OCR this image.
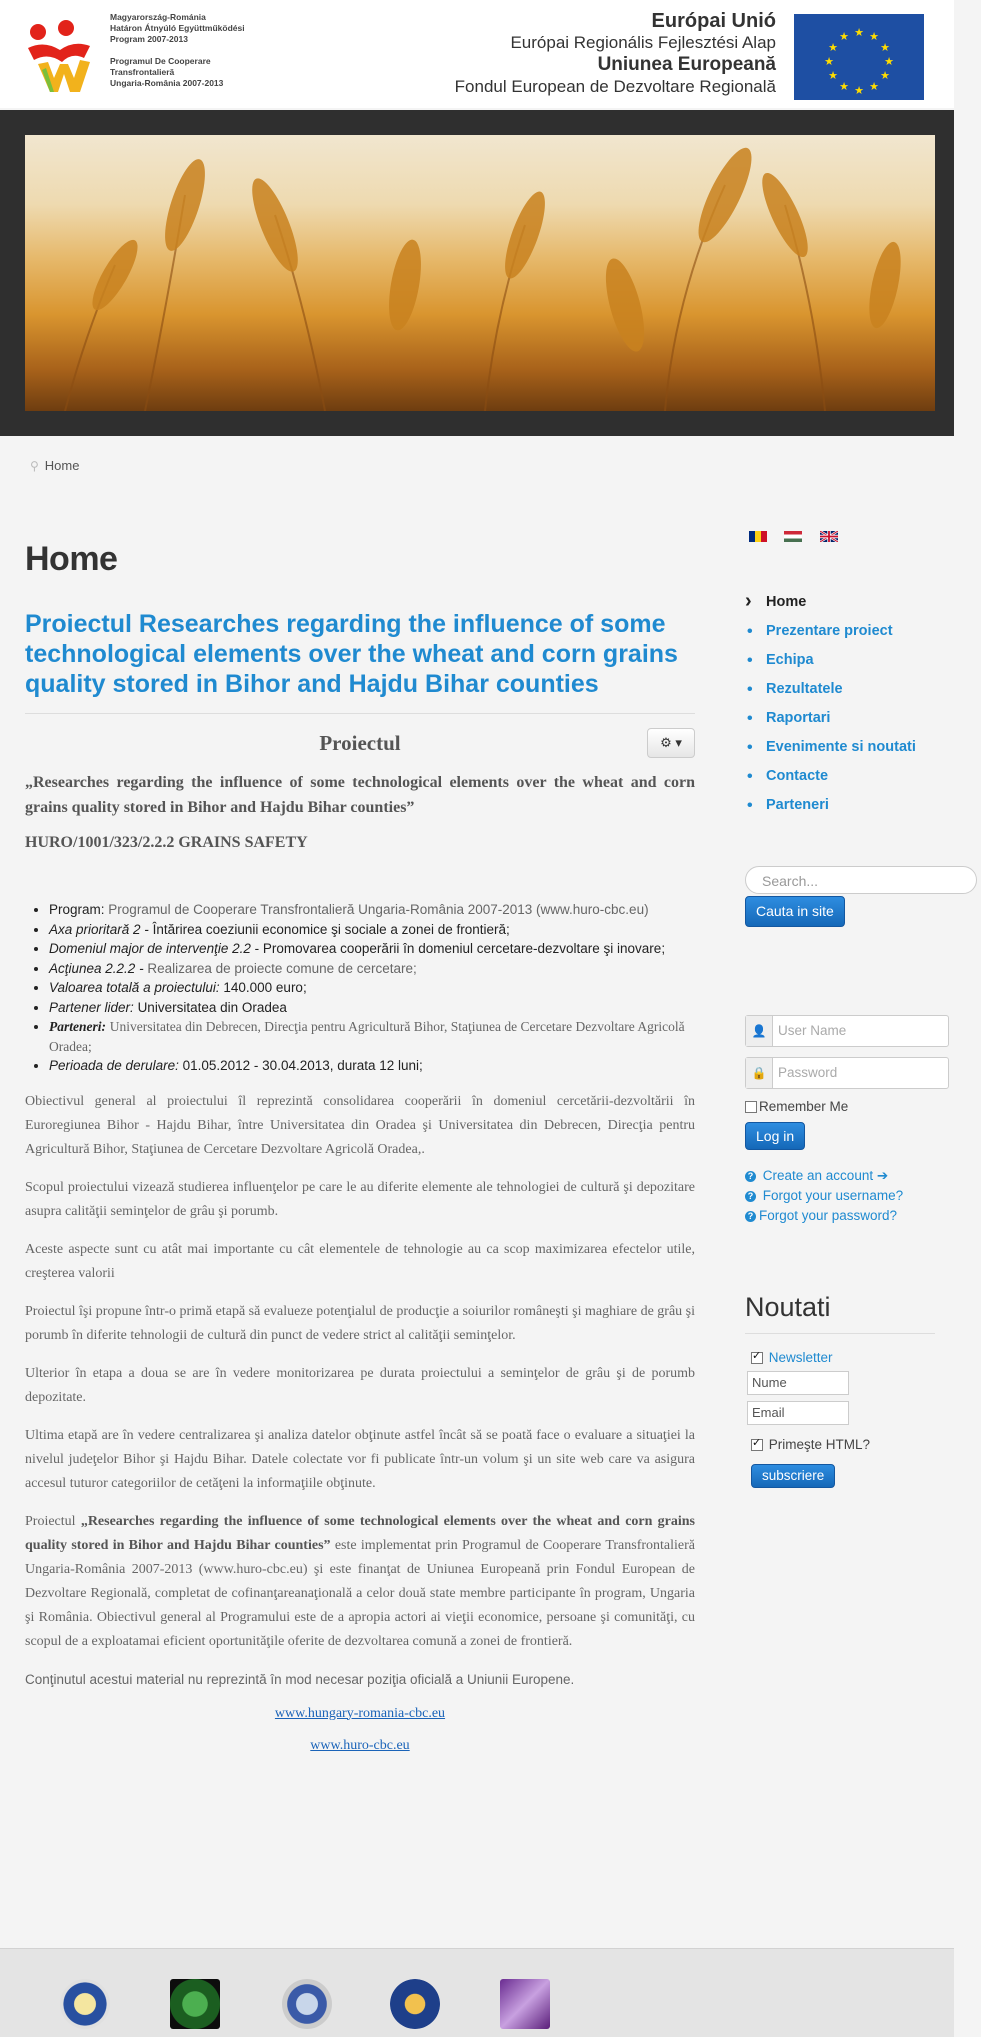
Magyarország-Románia
Határon Átnyúló Együttműködési
Program 2007-2013
Programul De Cooperare
Transfrontalieră
Ungaria-România 2007-2013
Európai Unió
Európai Regionális Fejlesztési Alap
Uniunea Europeană
Fondul European de Dezvoltare Regională
★ ★
★
★
★
★
★
★
★
★
★
★
⚲ Home
Home
Proiectul Researches regarding the influence of some technological elements over the wheat and corn grains quality stored in Bihor and Hajdu Bihar counties
Proiectul	⚙ ▾
„Researches regarding the influence of some technological elements over the wheat and corn grains quality stored in Bihor and Hajdu Bihar counties”
HURO/1001/323/2.2.2 GRAINS SAFETY
• Program: Programul de Cooperare Transfrontalieră Ungaria-România 2007-2013 (www.huro-cbc.eu)
• Axa prioritară 2 - Întărirea coeziunii economice şi sociale a zonei de frontieră;
• Domeniul major de intervenţie 2.2 - Promovarea cooperării în domeniul cercetare-dezvoltare şi inovare;
• Acţiunea 2.2.2 - Realizarea de proiecte comune de cercetare;
• Valoarea totală a proiectului: 140.000 euro;
• Partener lider: Universitatea din Oradea
• Parteneri: Universitatea din Debrecen, Direcţia pentru Agricultură Bihor, Staţiunea de Cercetare Dezvoltare Agricolă Oradea;
• Perioada de derulare: 01.05.2012 - 30.04.2013, durata 12 luni;

Obiectivul general al proiectului îl reprezintă consolidarea cooperării în domeniul cercetării-dezvoltării în Euroregiunea Bihor - Hajdu Bihar, între Universitatea din Oradea şi Universitatea din Debrecen, Direcţia pentru Agricultură Bihor, Staţiunea de Cercetare Dezvoltare Agricolă Oradea,.

Scopul proiectului vizează studierea influenţelor pe care le au diferite elemente ale tehnologiei de cultură şi depozitare asupra calităţii seminţelor de grâu şi porumb.

Aceste aspecte sunt cu atât mai importante cu cât elementele de tehnologie au ca scop maximizarea efectelor utile, creşterea valorii

Proiectul îşi propune într-o primă etapă să evalueze potenţialul de producţie a soiurilor româneşti şi maghiare de grâu şi porumb în diferite tehnologii de cultură din punct de vedere strict al calităţii seminţelor.

Ulterior în etapa a doua se are în vedere monitorizarea pe durata proiectului a seminţelor de grâu şi de porumb depozitate.

Ultima etapă are în vedere centralizarea şi analiza datelor obţinute astfel încât să se poată face o evaluare a situaţiei la nivelul judeţelor Bihor şi Hajdu Bihar. Datele colectate vor fi publicate într-un volum şi un site web care va asigura accesul tuturor categoriilor de cetăţeni la informaţiile obţinute.

Proiectul „Researches regarding the influence of some technological elements over the wheat and corn grains quality stored in Bihor and Hajdu Bihar counties” este implementat prin Programul de Cooperare Transfrontalieră Ungaria-România 2007-2013 (www.huro-cbc.eu) şi este finanţat de Uniunea Europeană prin Fondul European de Dezvoltare Regională, completat de cofinanţareanaţională a celor două state membre participante în program, Ungaria şi România. Obiectivul general al Programului este de a apropia actori ai vieţii economice, persoane şi comunităţi, cu scopul de a exploatamai eficient oportunităţile oferite de dezvoltarea comună a zonei de frontieră.

Conţinutul acestui material nu reprezintă în mod necesar poziţia oficială a Uniunii Europene.

www.hungary-romania-cbc.eu

www.huro-cbc.eu

› Home
• Prezentare proiect
• Echipa
• Rezultatele
• Raportari
• Evenimente si noutati
• Contacte
• Parteneri
Search...
Cauta in site
👤 User Name
🔒 Password
Remember Me
Log in
? Create an account ➔
? Forgot your username?
? Forgot your password?
Noutati
✓ Newsletter
Nume
Email
✓ Primeşte HTML?
subscriere
